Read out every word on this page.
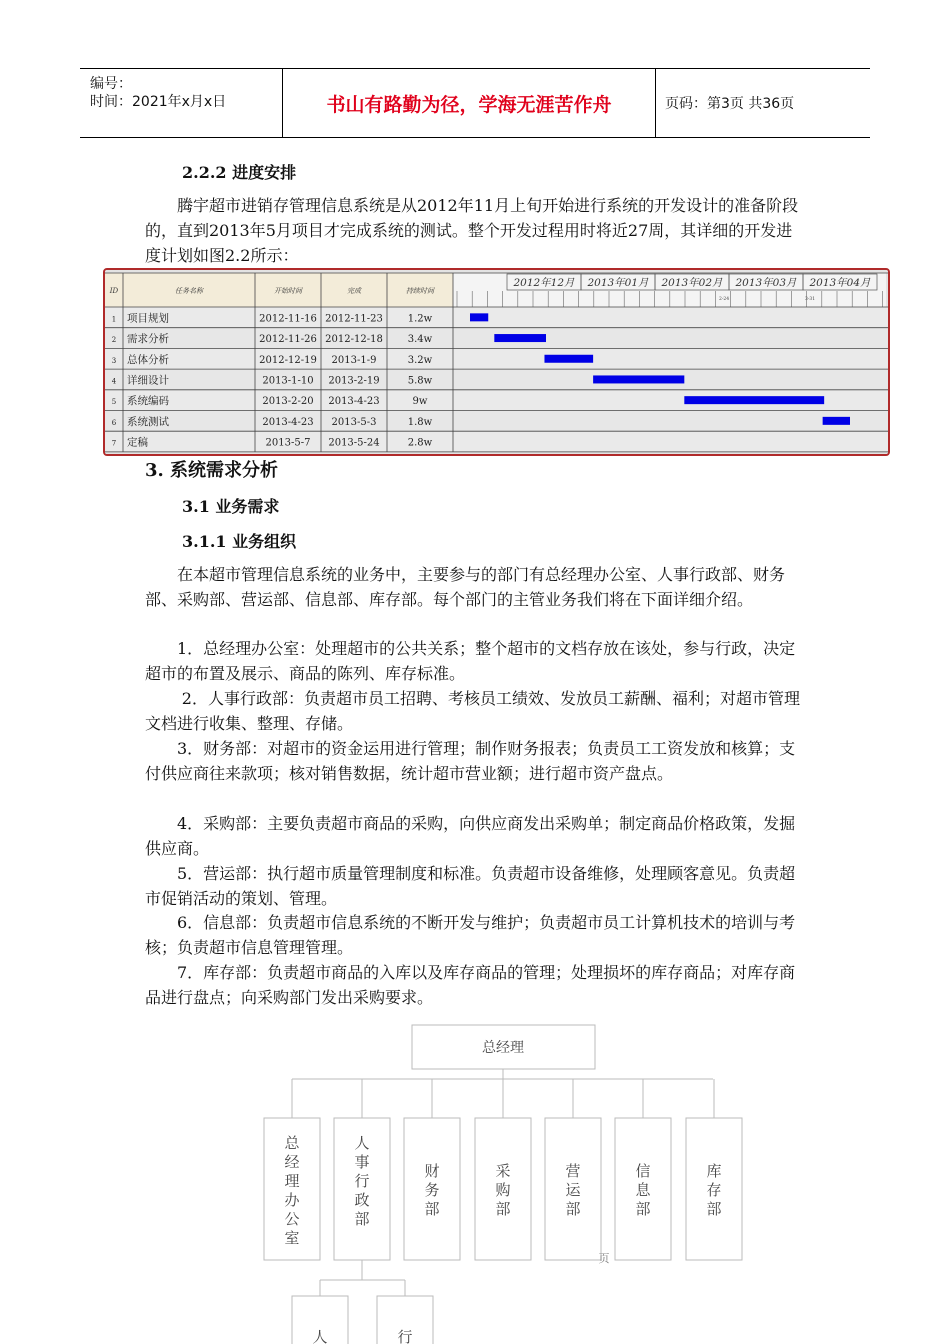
编号：
时间：2021年x月x日	书山有路勤为径，学海无涯苦作舟	页码：第3页 共36页
2.2.2 进度安排

腾宇超市进销存管理信息系统是从2012年11月上旬开始进行系统的开发设计的准备阶段的，直到2013年5月项目才完成系统的测试。整个开发过程用时将近27周，其详细的开发进度计划如图2.2所示：

ID	任务名称	开始时间	完成	持续时间
2012年12月 2013年01月 2013年02月 2013年03月 2013年04月
2-24	3-31
1 项目规划	2012-11-16 2012-11-23 1.2w
2 需求分析	2012-11-26 2012-12-18 3.4w
3 总体分析	2012-12-19 2013-1-9	3.2w
4 详细设计	2013-1-10 2013-2-19	5.8w
5 系统编码	2013-2-20 2013-4-23	9w
6 系统测试	2013-4-23 2013-5-3	1.8w
7 定稿	2013-5-7 2013-5-24	2.8w
3. 系统需求分析
3.1 业务需求
3.1.1 业务组织

在本超市管理信息系统的业务中，主要参与的部门有总经理办公室、人事行政部、财务部、采购部、营运部、信息部、库存部。每个部门的主管业务我们将在下面详细介绍。

1．总经理办公室：处理超市的公共关系；整个超市的文档存放在该处，参与行政，决定超市的布置及展示、商品的陈列、库存标准。

2．人事行政部：负责超市员工招聘、考核员工绩效、发放员工薪酬、福利；对超市管理文档进行收集、整理、存储。

3．财务部：对超市的资金运用进行管理；制作财务报表；负责员工工资发放和核算；支付供应商往来款项；核对销售数据，统计超市营业额；进行超市资产盘点。

4．采购部：主要负责超市商品的采购，向供应商发出采购单；制定商品价格政策，发掘供应商。

5．营运部：执行超市质量管理制度和标准。负责超市设备维修，处理顾客意见。负责超市促销活动的策划、管理。

6．信息部：负责超市信息系统的不断开发与维护；负责超市员工计算机技术的培训与考核；负责超市信息管理管理。

7．库存部：负责超市商品的入库以及库存商品的管理；处理损坏的库存商品；对库存商品进行盘点；向采购部门发出采购要求。

总经理
总经理办公室
人事行政部
财务部
采购部
营运部
信息部
库存部
人	行
页
